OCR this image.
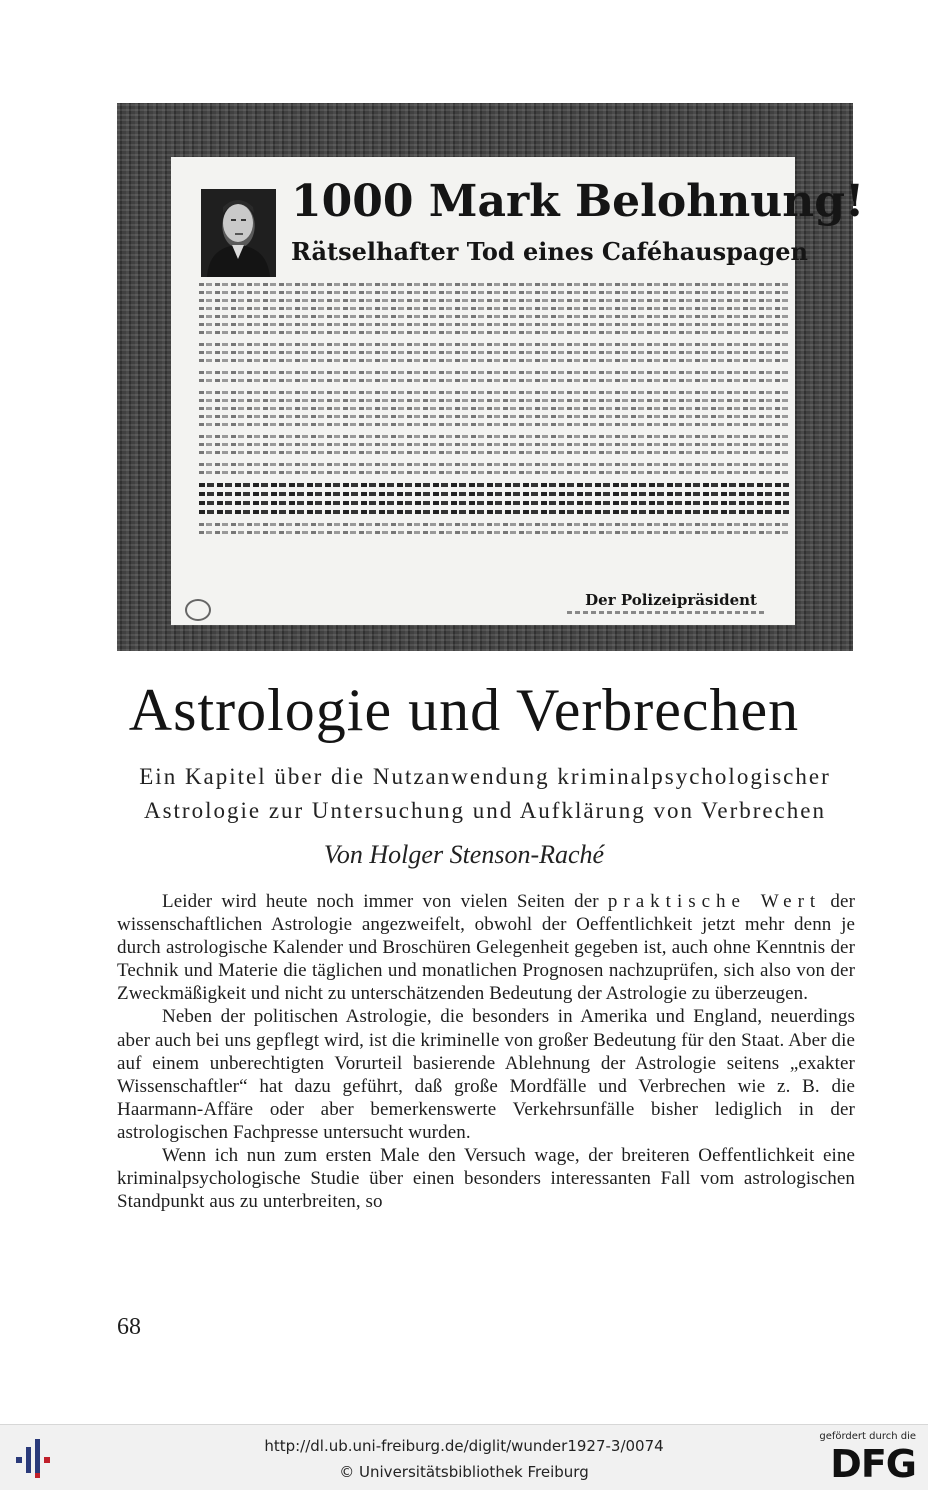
1000 Mark Belohnung!
Rätselhafter Tod eines Caféhauspagen
Der Polizeipräsident
Astrologie und Verbrechen
Ein Kapitel über die Nutzanwendung kriminalpsychologischer
Astrologie zur Untersuchung und Aufklärung von Verbrechen
Von Holger Stenson-Raché

Leider wird heute noch immer von vielen Seiten der praktische Wert der wissenschaftlichen Astrologie angezweifelt, obwohl der Oeffentlichkeit jetzt mehr denn je durch astrologische Kalender und Broschüren Gelegenheit gegeben ist, auch ohne Kenntnis der Technik und Materie die täglichen und monatlichen Prognosen nachzuprüfen, sich also von der Zweckmäßigkeit und nicht zu unterschätzenden Bedeutung der Astrologie zu überzeugen.

Neben der politischen Astrologie, die besonders in Amerika und England, neuerdings aber auch bei uns gepflegt wird, ist die kriminelle von großer Bedeutung für den Staat. Aber die auf einem unberechtigten Vorurteil basierende Ablehnung der Astrologie seitens „exakter Wissenschaftler“ hat dazu geführt, daß große Mordfälle und Verbrechen wie z. B. die Haarmann-Affäre oder aber bemerkenswerte Verkehrsunfälle bisher lediglich in der astrologischen Fachpresse untersucht wurden.

Wenn ich nun zum ersten Male den Versuch wage, der breiteren Oeffentlichkeit eine kriminalpsychologische Studie über einen besonders interessanten Fall vom astrologischen Standpunkt aus zu unterbreiten, so

68
http://dl.ub.uni-freiburg.de/diglit/wunder1927-3/0074
© Universitätsbibliothek Freiburg
gefördert durch die
DFG
